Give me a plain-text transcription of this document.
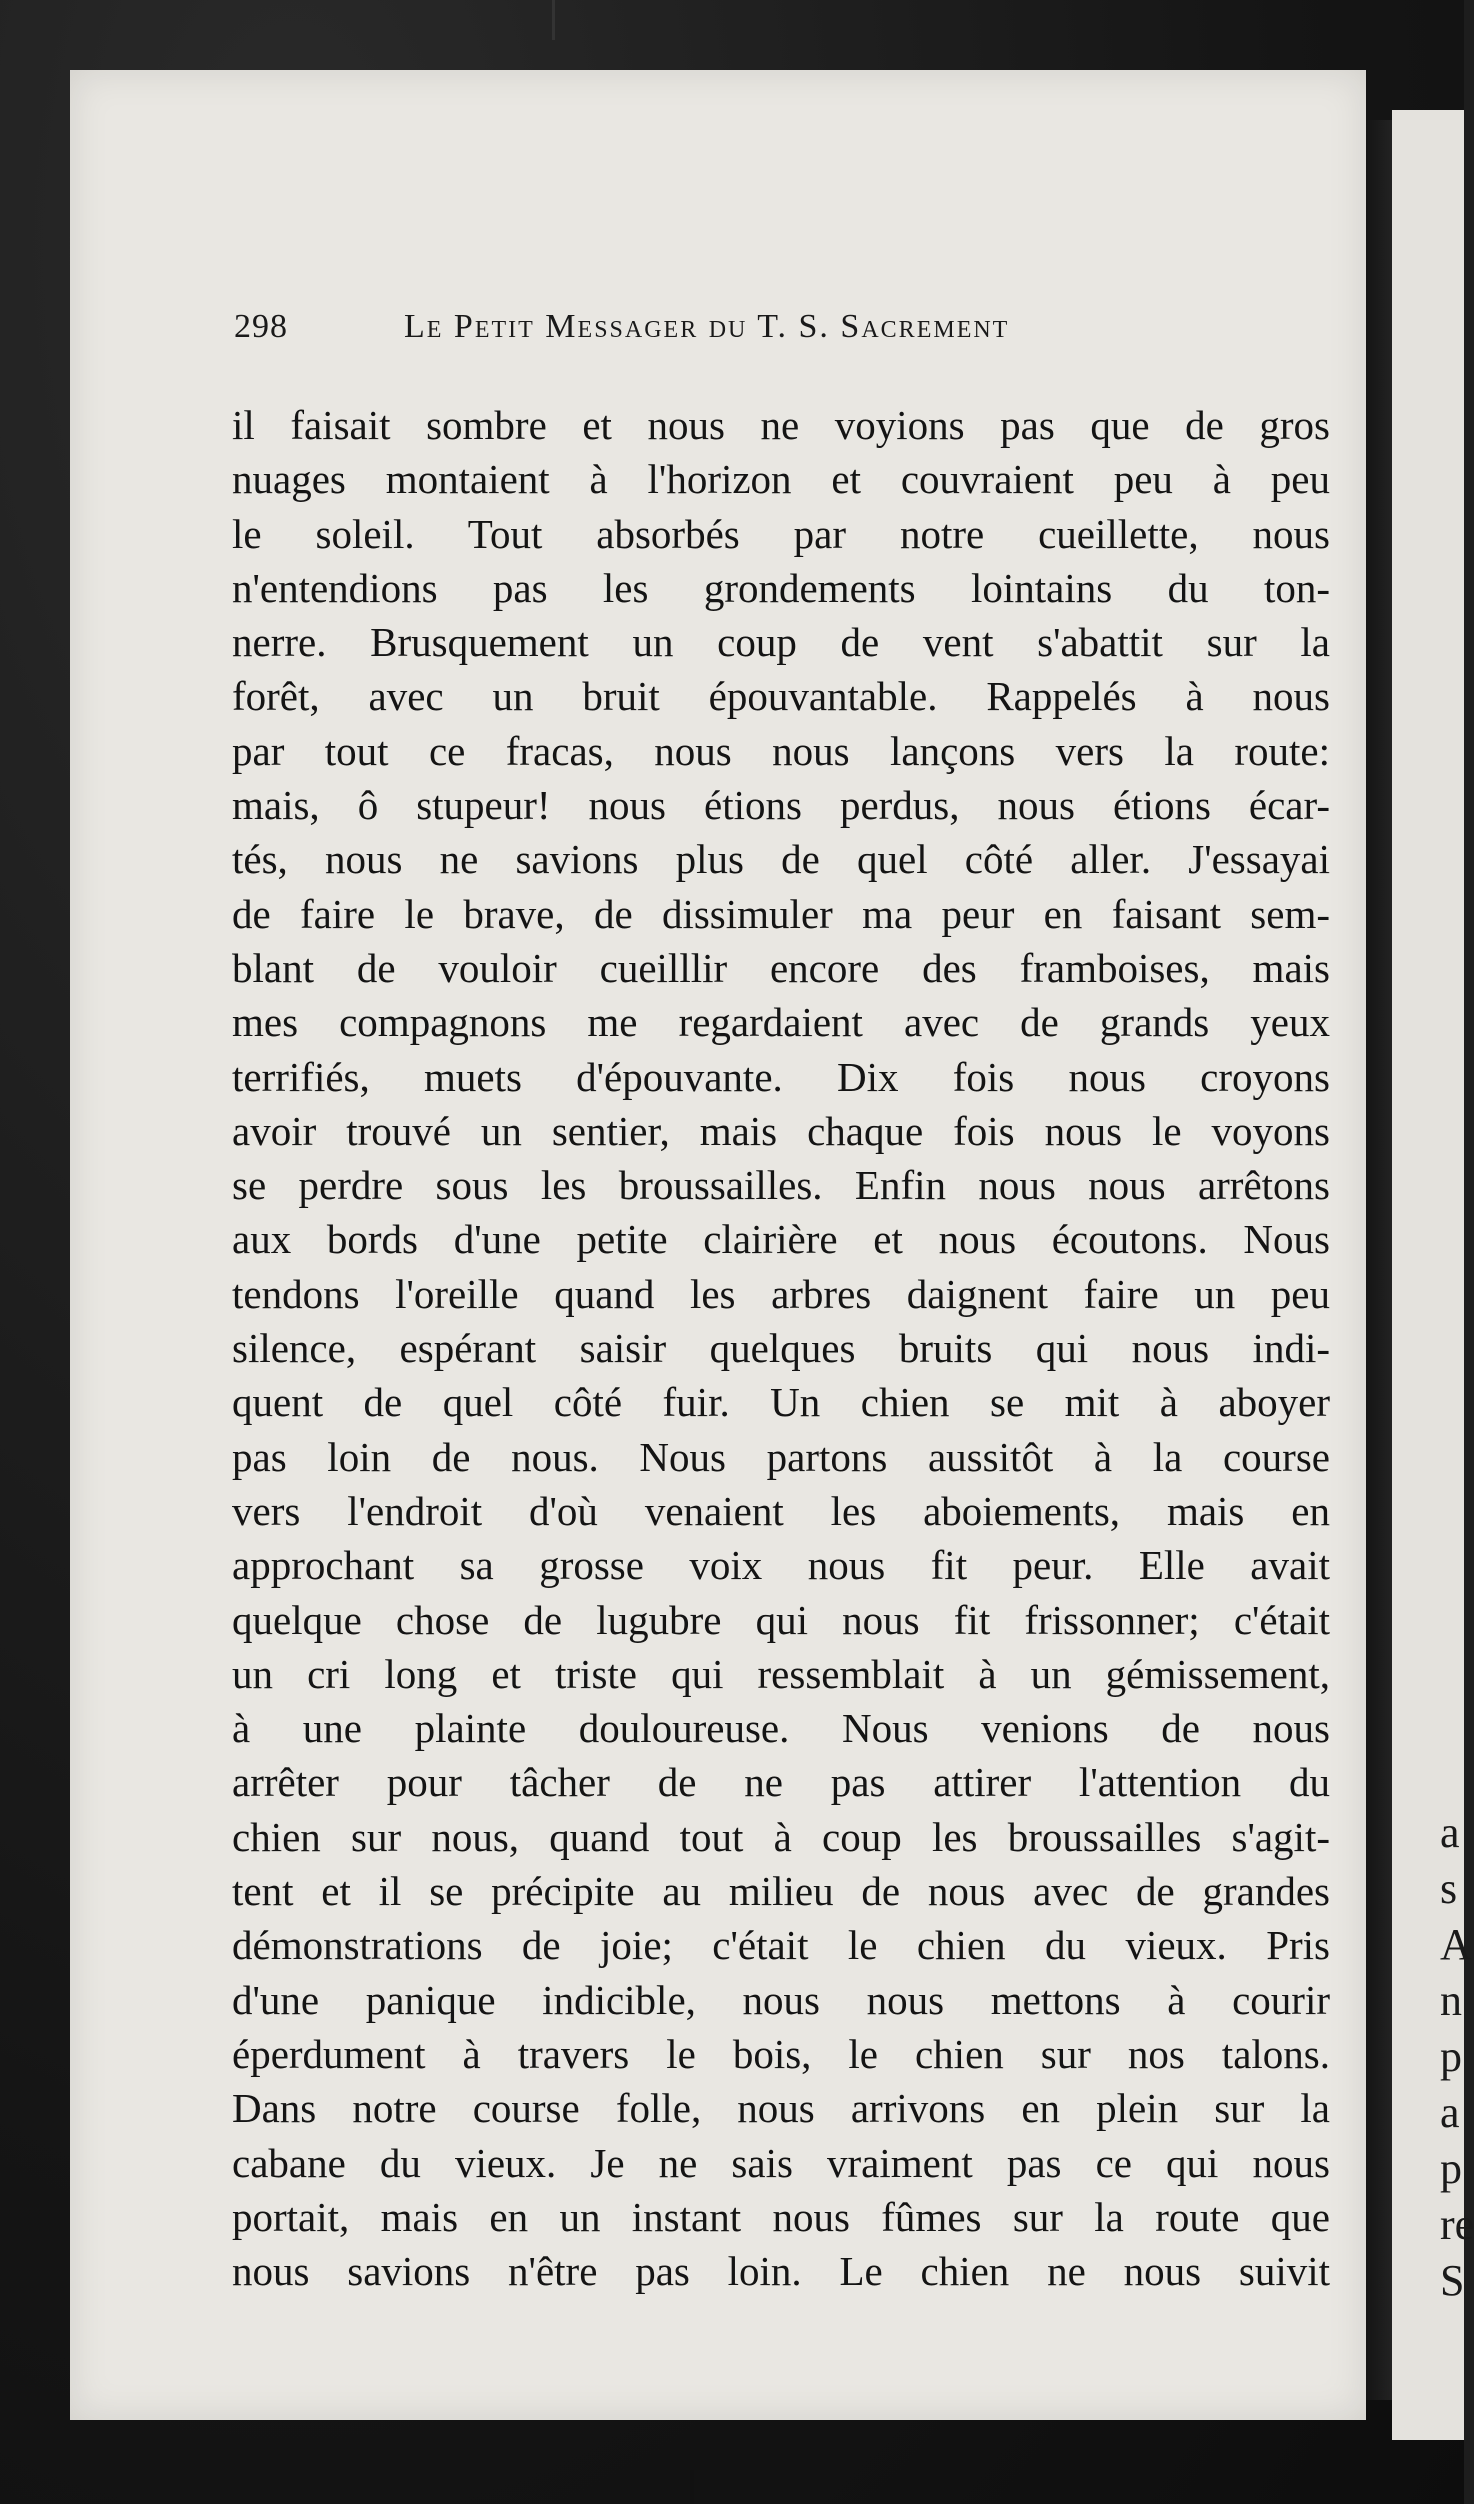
a
s
A
n
p
a
p
re
S
298	Le Petit Messager du T. S. Sacrement
il faisait sombre et nous ne voyions pas que de gros
nuages montaient à l'horizon et couvraient peu à peu
le soleil. Tout absorbés par notre cueillette, nous
n'entendions pas les grondements lointains du ton-
nerre. Brusquement un coup de vent s'abattit sur la
forêt, avec un bruit épouvantable. Rappelés à nous
par tout ce fracas, nous nous lançons vers la route:
mais, ô stupeur! nous étions perdus, nous étions écar-
tés, nous ne savions plus de quel côté aller. J'essayai
de faire le brave, de dissimuler ma peur en faisant sem-
blant de vouloir cueilllir encore des framboises, mais
mes compagnons me regardaient avec de grands yeux
terrifiés, muets d'épouvante. Dix fois nous croyons
avoir trouvé un sentier, mais chaque fois nous le voyons
se perdre sous les broussailles. Enfin nous nous arrêtons
aux bords d'une petite clairière et nous écoutons. Nous
tendons l'oreille quand les arbres daignent faire un peu
silence, espérant saisir quelques bruits qui nous indi-
quent de quel côté fuir. Un chien se mit à aboyer
pas loin de nous. Nous partons aussitôt à la course
vers l'endroit d'où venaient les aboiements, mais en
approchant sa grosse voix nous fit peur. Elle avait
quelque chose de lugubre qui nous fit frissonner; c'était
un cri long et triste qui ressemblait à un gémissement,
à une plainte douloureuse. Nous venions de nous
arrêter pour tâcher de ne pas attirer l'attention du
chien sur nous, quand tout à coup les broussailles s'agit-
tent et il se précipite au milieu de nous avec de grandes
démonstrations de joie; c'était le chien du vieux. Pris
d'une panique indicible, nous nous mettons à courir
éperdument à travers le bois, le chien sur nos talons.
Dans notre course folle, nous arrivons en plein sur la
cabane du vieux. Je ne sais vraiment pas ce qui nous
portait, mais en un instant nous fûmes sur la route que
nous savions n'être pas loin. Le chien ne nous suivit
